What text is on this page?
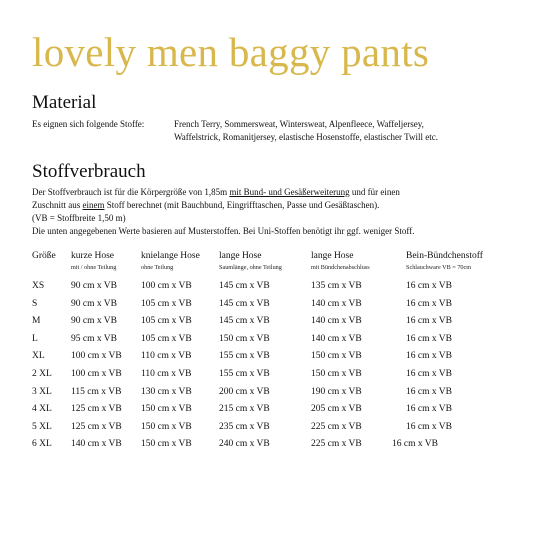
lovely men baggy pants
Material

Es eignen sich folgende Stoffe:	French Terry, Sommersweat, Wintersweat, Alpenfleece, Waffeljersey,

Waffelstrick, Romanitjersey, elastische Hosenstoffe, elastischer Twill etc.

Stoffverbrauch

Der Stoffverbrauch ist für die Körpergröße von 1,85m mit Bund- und Gesäßerweiterung und für einen

Zuschnitt aus einem Stoff berechnet (mit Bauchbund, Eingrifftaschen, Passe und Gesäßtaschen).

(VB = Stoffbreite 1,50 m)

Die unten angegebenen Werte basieren auf Musterstoffen. Bei Uni-Stoffen benötigt ihr ggf. weniger Stoff.

Größe kurze Hose
mit / ohne Teilung
knielange Hose
ohne Teilung
lange Hose
Saumlänge, ohne Teilung
lange Hose
mit Bündchenabschluss
Bein-Bündchenstoff
Schlauchware VB = 70cm
XS	90 cm x VB	100 cm x VB	145 cm x VB	135 cm x VB	16 cm x VB
S	90 cm x VB	105 cm x VB	145 cm x VB	140 cm x VB	16 cm x VB
M	90 cm x VB	105 cm x VB	145 cm x VB	140 cm x VB	16 cm x VB
L	95 cm x VB	105 cm x VB	150 cm x VB	140 cm x VB	16 cm x VB
XL	100 cm x VB 110 cm x VB	155 cm x VB	150 cm x VB	16 cm x VB
2 XL 100 cm x VB 110 cm x VB	155 cm x VB	150 cm x VB	16 cm x VB
3 XL 115 cm x VB 130 cm x VB	200 cm x VB	190 cm x VB	16 cm x VB
4 XL 125 cm x VB 150 cm x VB	215 cm x VB	205 cm x VB	16 cm x VB
5 XL 125 cm x VB 150 cm x VB	235 cm x VB	225 cm x VB	16 cm x VB
6 XL 140 cm x VB 150 cm x VB	240 cm x VB	225 cm x VB	16 cm x VB
